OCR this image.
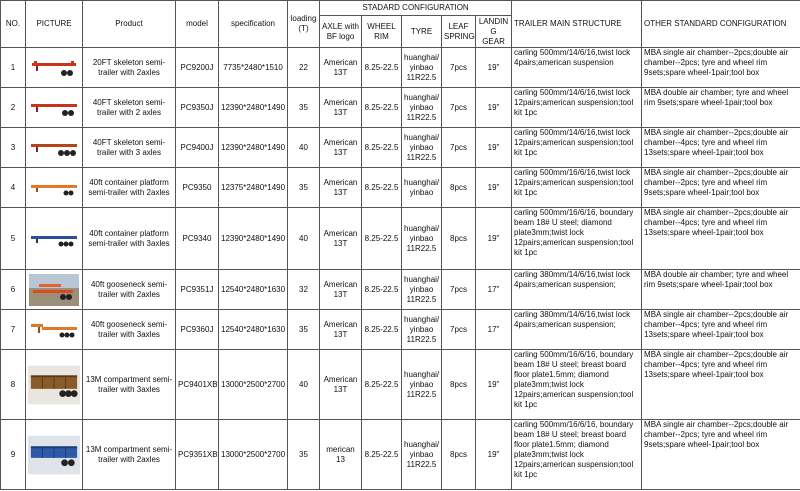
NO.	PICTURE	Product	model	specification	loading (T)	STADARD CONFIGURATION					TRAILER MAIN STRUCTURE	OTHER STANDARD CONFIGURATION
						AXLE with BF logo	WHEEL RIM	TYRE	LEAF SPRING	LANDIN G GEAR		
1		20FT skeleton semi-trailer with 2axles	PC9200J	7735*2480*1510	22	American 13T	8.25-22.5	huanghai/ yinbao 11R22.5	7pcs	19"	carling 500mm/14/6/16,twist lock 4pairs;american suspension	MBA single air chamber--2pcs;double air chamber--2pcs; tyre and wheel rim 9sets;spare wheel-1pair;tool box
2		40FT skeleton semi-trailer with 2 axles	PC9350J	12390*2480*1490	35	American 13T	8.25-22.5	huanghai/ yinbao 11R22.5	7pcs	19"	carling 500mm/14/6/16,twist lock 12pairs;american suspension;tool kit 1pc	MBA double air chamber; tyre and wheel rim 9sets;spare wheel-1pair;tool box
3		40FT skeleton semi-trailer with 3 axles	PC9400J	12390*2480*1490	40	American 13T	8.25-22.5	huanghai/ yinbao 11R22.5	7pcs	19"	carling 500mm/14/6/16,twist lock 12pairs;american suspension;tool kit 1pc	MBA single air chamber--2pcs;double air chamber--4pcs; tyre and wheel rim 13sets;spare wheel-1pair;tool box
4		40ft container platform semi-trailer with 2axles	PC9350	12375*2480*1490	35	American 13T	8.25-22.5	huanghai/ yinbao	8pcs	19"	carling 500mm/16/6/16,twist lock 12pairs;american suspension;tool kit 1pc	MBA single air chamber--2pcs;double air chamber--2pcs; tyre and wheel rim 9sets;spare wheel-1pair;tool box
5		40ft container platform semi-trailer with 3axles	PC9340	12390*2480*1490	40	American 13T	8.25-22.5	huanghai/ yinbao 11R22.5	8pcs	19"	carling 500mm/16/6/16, boundary beam 18# U steel; diamond plate3mm;twist lock 12pairs;american suspension;tool kit 1pc	MBA single air chamber--2pcs;double air chamber--4pcs; tyre and wheel rim 13sets;spare wheel-1pair;tool box
6		40ft gooseneck semi-trailer with 2axles	PC9351J	12540*2480*1630	32	American 13T	8.25-22.5	huanghai/ yinbao 11R22.5	7pcs	17"	carling 380mm/14/6/16,twist lock 4pairs;american suspension;	MBA double air chamber; tyre and wheel rim 9sets;spare wheel-1pair;tool box
7		40ft gooseneck semi-trailer with 3axles	PC9360J	12540*2480*1630	35	American 13T	8.25-22.5	huanghai/ yinbao 11R22.5	7pcs	17"	carling 380mm/14/6/16,twist lock 4pairs;american suspension;	MBA single air chamber--2pcs;double air chamber--4pcs; tyre and wheel rim 13sets;spare wheel-1pair;tool box
8		13M compartment semi-trailer with 3axles	PC9401XB	13000*2500*2700	40	American 13T	8.25-22.5	huanghai/ yinbao 11R22.5	8pcs	19"	carling 500mm/16/6/16, boundary beam 18# U steel; breast board floor plate1.5mm; diamond plate3mm;twist lock 12pairs;american suspension;tool kit 1pc	MBA single air chamber--2pcs;double air chamber--4pcs; tyre and wheel rim 13sets;spare wheel-1pair;tool box
9		13M compartment semi-trailer with 2axles	PC9351XB	13000*2500*2700	35	merican 13	8.25-22.5	huanghai/ yinbao 11R22.5	8pcs	19"	carling 500mm/16/6/16, boundary beam 18# U steel; breast board floor plate1.5mm; diamond plate3mm;twist lock 12pairs;american suspension;tool kit 1pc	MBA single air chamber--2pcs;double air chamber--2pcs; tyre and wheel rim 9sets;spare wheel-1pair;tool box
